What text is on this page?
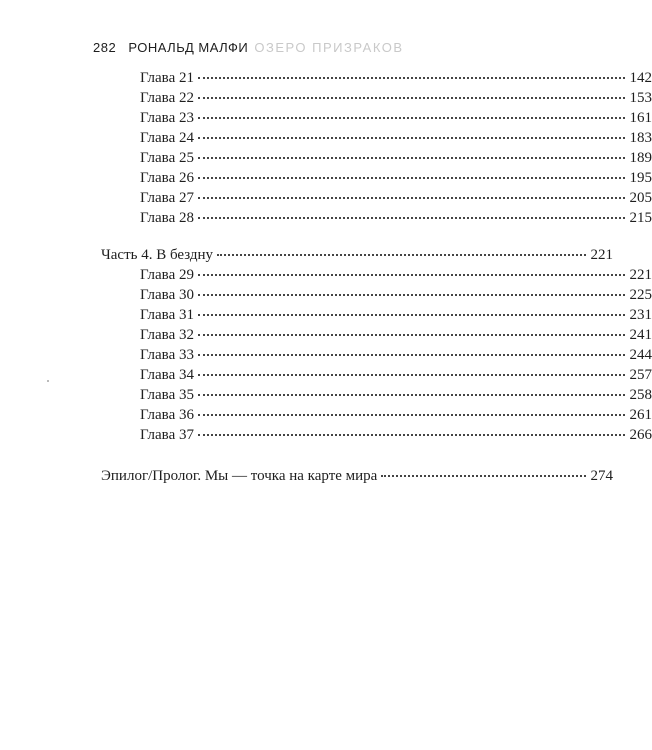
282 РОНАЛЬД МАЛФИ ОЗЕРО ПРИЗРАКОВ
Глава 21	142
Глава 22	153
Глава 23	161
Глава 24	183
Глава 25	189
Глава 26	195
Глава 27	205
Глава 28	215
Часть 4. В бездну	221
Глава 29	221
Глава 30	225
Глава 31	231
Глава 32	241
Глава 33	244
Глава 34	257
Глава 35	258
Глава 36	261
Глава 37	266
Эпилог/Пролог. Мы — точка на карте мира	274
